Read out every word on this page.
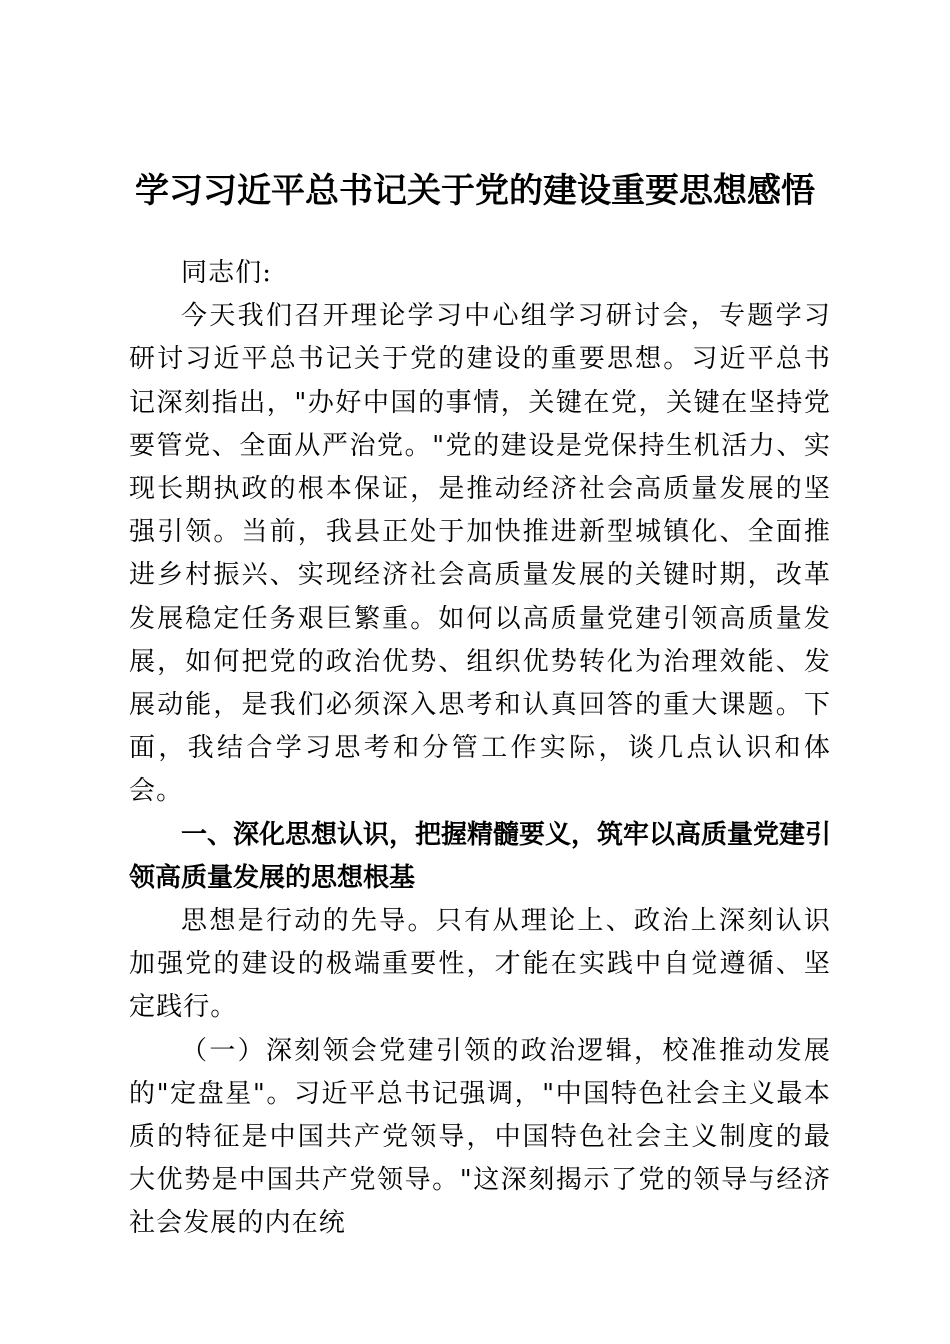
学习习近平总书记关于党的建设重要思想感悟

同志们:

今天我们召开理论学习中心组学习研讨会，专题学习研讨习近平总书记关于党的建设的重要思想。习近平总书记深刻指出，"办好中国的事情，关键在党，关键在坚持党要管党、全面从严治党。"党的建设是党保持生机活力、实现长期执政的根本保证，是推动经济社会高质量发展的坚强引领。当前，我县正处于加快推进新型城镇化、全面推进乡村振兴、实现经济社会高质量发展的关键时期，改革发展稳定任务艰巨繁重。如何以高质量党建引领高质量发展，如何把党的政治优势、组织优势转化为治理效能、发展动能，是我们必须深入思考和认真回答的重大课题。下面，我结合学习思考和分管工作实际，谈几点认识和体会。

一、深化思想认识，把握精髓要义，筑牢以高质量党建引领高质量发展的思想根基

思想是行动的先导。只有从理论上、政治上深刻认识加强党的建设的极端重要性，才能在实践中自觉遵循、坚定践行。

（一）深刻领会党建引领的政治逻辑，校准推动发展的"定盘星"。习近平总书记强调，"中国特色社会主义最本质的特征是中国共产党领导，中国特色社会主义制度的最大优势是中国共产党领导。"这深刻揭示了党的领导与经济社会发展的内在统
